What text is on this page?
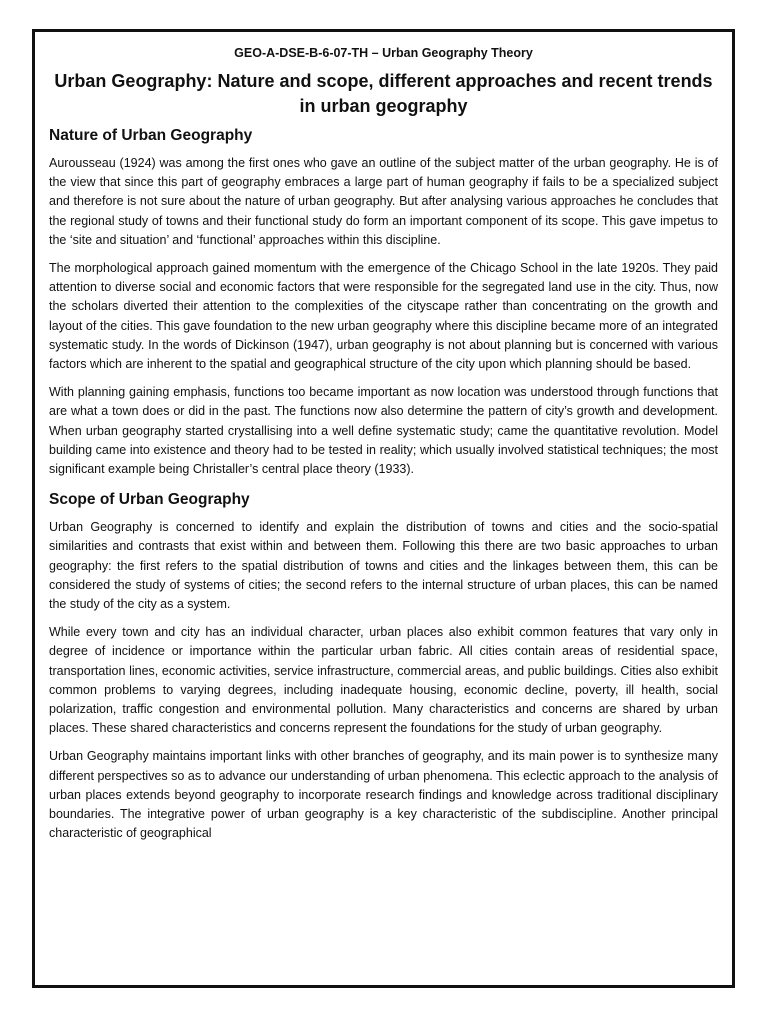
GEO-A-DSE-B-6-07-TH – Urban Geography Theory
Urban Geography: Nature and scope, different approaches and recent trends in urban geography
Nature of Urban Geography

Aurousseau (1924) was among the first ones who gave an outline of the subject matter of the urban geography. He is of the view that since this part of geography embraces a large part of human geography if fails to be a specialized subject and therefore is not sure about the nature of urban geography. But after analysing various approaches he concludes that the regional study of towns and their functional study do form an important component of its scope. This gave impetus to the ‘site and situation’ and ‘functional’ approaches within this discipline.

The morphological approach gained momentum with the emergence of the Chicago School in the late 1920s. They paid attention to diverse social and economic factors that were responsible for the segregated land use in the city. Thus, now the scholars diverted their attention to the complexities of the cityscape rather than concentrating on the growth and layout of the cities. This gave foundation to the new urban geography where this discipline became more of an integrated systematic study. In the words of Dickinson (1947), urban geography is not about planning but is concerned with various factors which are inherent to the spatial and geographical structure of the city upon which planning should be based.

With planning gaining emphasis, functions too became important as now location was understood through functions that are what a town does or did in the past. The functions now also determine the pattern of city’s growth and development. When urban geography started crystallising into a well define systematic study; came the quantitative revolution. Model building came into existence and theory had to be tested in reality; which usually involved statistical techniques; the most significant example being Christaller’s central place theory (1933).

Scope of Urban Geography

Urban Geography is concerned to identify and explain the distribution of towns and cities and the socio-spatial similarities and contrasts that exist within and between them. Following this there are two basic approaches to urban geography: the first refers to the spatial distribution of towns and cities and the linkages between them, this can be considered the study of systems of cities; the second refers to the internal structure of urban places, this can be named the study of the city as a system.

While every town and city has an individual character, urban places also exhibit common features that vary only in degree of incidence or importance within the particular urban fabric. All cities contain areas of residential space, transportation lines, economic activities, service infrastructure, commercial areas, and public buildings. Cities also exhibit common problems to varying degrees, including inadequate housing, economic decline, poverty, ill health, social polarization, traffic congestion and environmental pollution. Many characteristics and concerns are shared by urban places. These shared characteristics and concerns represent the foundations for the study of urban geography.

Urban Geography maintains important links with other branches of geography, and its main power is to synthesize many different perspectives so as to advance our understanding of urban phenomena. This eclectic approach to the analysis of urban places extends beyond geography to incorporate research findings and knowledge across traditional disciplinary boundaries. The integrative power of urban geography is a key characteristic of the subdiscipline. Another principal characteristic of geographical
